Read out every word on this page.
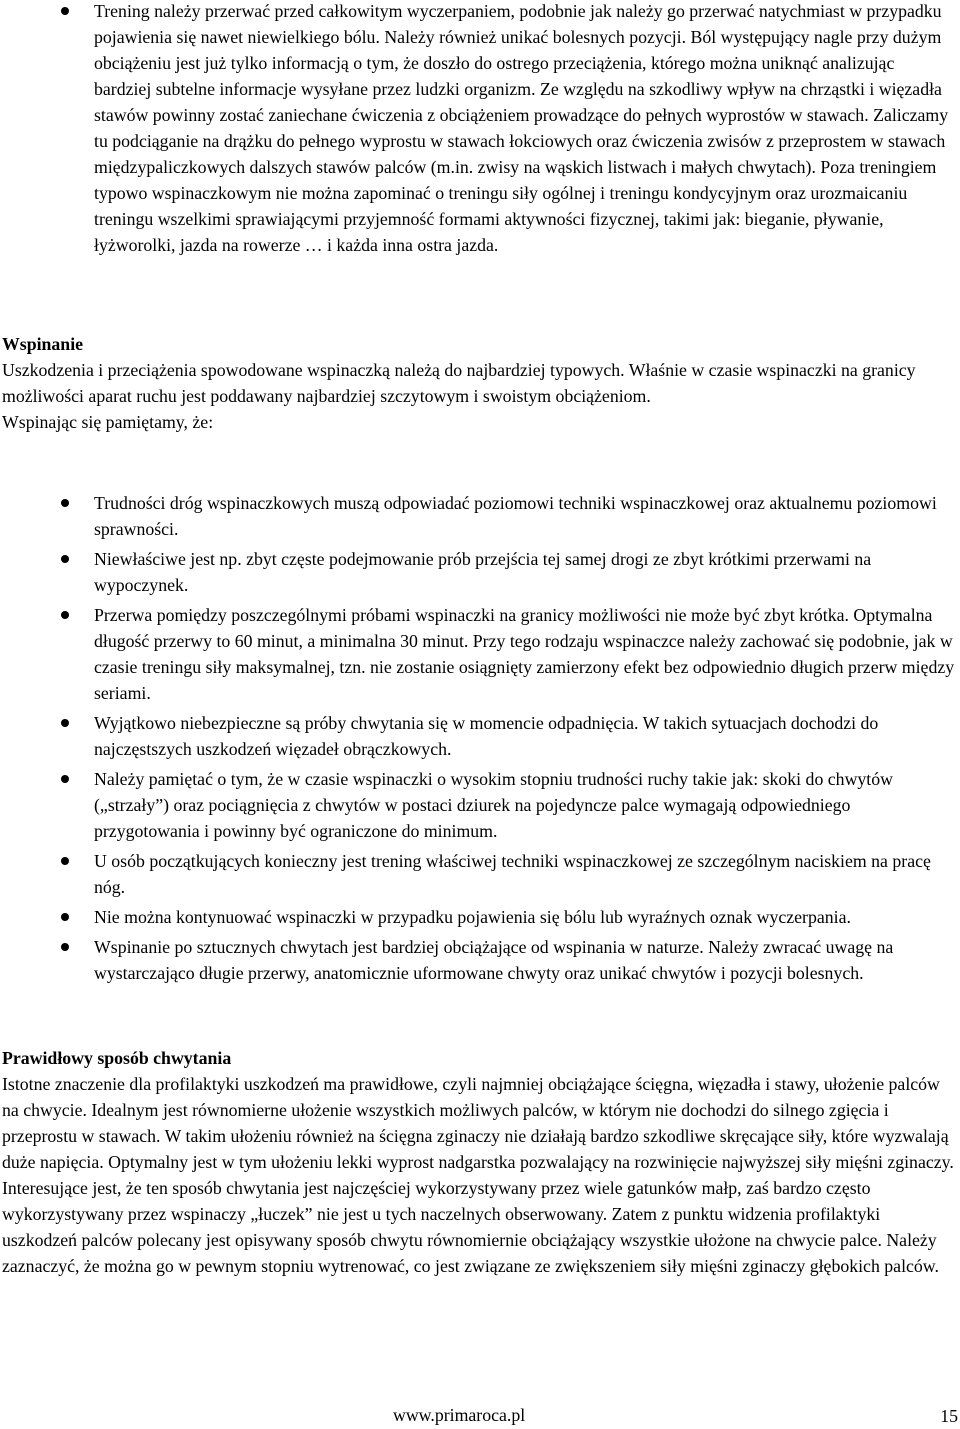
Trening należy przerwać przed całkowitym wyczerpaniem, podobnie jak należy go przerwać natychmiast w przypadku pojawienia się nawet niewielkiego bólu. Należy również unikać bolesnych pozycji. Ból występujący nagle przy dużym obciążeniu jest już tylko informacją o tym, że doszło do ostrego przeciążenia, którego można uniknąć analizując bardziej subtelne informacje wysyłane przez ludzki organizm. Ze względu na szkodliwy wpływ na chrząstki i więzadła stawów powinny zostać zaniechane ćwiczenia z obciążeniem prowadzące do pełnych wyprostów w stawach. Zaliczamy tu podciąganie na drążku do pełnego wyprostu w stawach łokciowych oraz ćwiczenia zwisów z przeprostem w stawach międzypaliczkowych dalszych stawów palców (m.in. zwisy na wąskich listwach i małych chwytach). Poza treningiem typowo wspinaczkowym nie można zapominać o treningu siły ogólnej i treningu kondycyjnym oraz urozmaicaniu treningu wszelkimi sprawiającymi przyjemność formami aktywności fizycznej, takimi jak: bieganie, pływanie, łyżworolki, jazda na rowerze … i każda inna ostra jazda.
Wspinanie

Uszkodzenia i przeciążenia spowodowane wspinaczką należą do najbardziej typowych. Właśnie w czasie wspinaczki na granicy możliwości aparat ruchu jest poddawany najbardziej szczytowym i swoistym obciążeniom.

Wspinając się pamiętamy, że:

Trudności dróg wspinaczkowych muszą odpowiadać poziomowi techniki wspinaczkowej oraz aktualnemu poziomowi sprawności.
Niewłaściwe jest np. zbyt częste podejmowanie prób przejścia tej samej drogi ze zbyt krótkimi przerwami na wypoczynek.
Przerwa pomiędzy poszczególnymi próbami wspinaczki na granicy możliwości nie może być zbyt krótka. Optymalna długość przerwy to 60 minut, a minimalna 30 minut. Przy tego rodzaju wspinaczce należy zachować się podobnie, jak w czasie treningu siły maksymalnej, tzn. nie zostanie osiągnięty zamierzony efekt bez odpowiednio długich przerw między seriami.
Wyjątkowo niebezpieczne są próby chwytania się w momencie odpadnięcia. W takich sytuacjach dochodzi do najczęstszych uszkodzeń więzadeł obrączkowych.
Należy pamiętać o tym, że w czasie wspinaczki o wysokim stopniu trudności ruchy takie jak: skoki do chwytów („strzały”) oraz pociągnięcia z chwytów w postaci dziurek na pojedyncze palce wymagają odpowiedniego przygotowania i powinny być ograniczone do minimum.
U osób początkujących konieczny jest trening właściwej techniki wspinaczkowej ze szczególnym naciskiem na pracę nóg.
Nie można kontynuować wspinaczki w przypadku pojawienia się bólu lub wyraźnych oznak wyczerpania.
Wspinanie po sztucznych chwytach jest bardziej obciążające od wspinania w naturze. Należy zwracać uwagę na wystarczająco długie przerwy, anatomicznie uformowane chwyty oraz unikać chwytów i pozycji bolesnych.
Prawidłowy sposób chwytania

Istotne znaczenie dla profilaktyki uszkodzeń ma prawidłowe, czyli najmniej obciążające ścięgna, więzadła i stawy, ułożenie palców na chwycie. Idealnym jest równomierne ułożenie wszystkich możliwych palców, w którym nie dochodzi do silnego zgięcia i przeprostu w stawach. W takim ułożeniu również na ścięgna zginaczy nie działają bardzo szkodliwe skręcające siły, które wyzwalają duże napięcia. Optymalny jest w tym ułożeniu lekki wyprost nadgarstka pozwalający na rozwinięcie najwyższej siły mięśni zginaczy. Interesujące jest, że ten sposób chwytania jest najczęściej wykorzystywany przez wiele gatunków małp, zaś bardzo często wykorzystywany przez wspinaczy „łuczek” nie jest u tych naczelnych obserwowany. Zatem z punktu widzenia profilaktyki uszkodzeń palców polecany jest opisywany sposób chwytu równomiernie obciążający wszystkie ułożone na chwycie palce. Należy zaznaczyć, że można go w pewnym stopniu wytrenować, co jest związane ze zwiększeniem siły mięśni zginaczy głębokich palców.

www.primaroca.pl	15
